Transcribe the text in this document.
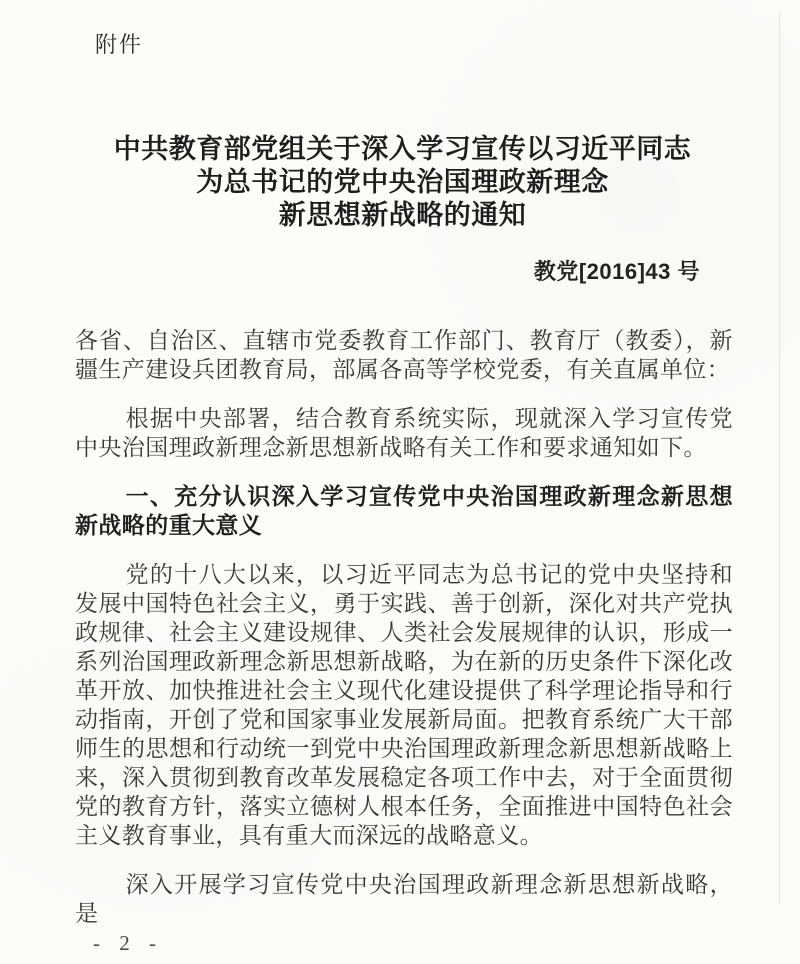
附件
中共教育部党组关于深入学习宣传以习近平同志
为总书记的党中央治国理政新理念
新思想新战略的通知
教党[2016]43 号

各省、自治区、直辖市党委教育工作部门、教育厅（教委），新疆生产建设兵团教育局，部属各高等学校党委，有关直属单位：

根据中央部署，结合教育系统实际，现就深入学习宣传党中央治国理政新理念新思想新战略有关工作和要求通知如下。

一、充分认识深入学习宣传党中央治国理政新理念新思想新战略的重大意义

党的十八大以来，以习近平同志为总书记的党中央坚持和发展中国特色社会主义，勇于实践、善于创新，深化对共产党执政规律、社会主义建设规律、人类社会发展规律的认识，形成一系列治国理政新理念新思想新战略，为在新的历史条件下深化改革开放、加快推进社会主义现代化建设提供了科学理论指导和行动指南，开创了党和国家事业发展新局面。把教育系统广大干部师生的思想和行动统一到党中央治国理政新理念新思想新战略上来，深入贯彻到教育改革发展稳定各项工作中去，对于全面贯彻党的教育方针，落实立德树人根本任务，全面推进中国特色社会主义教育事业，具有重大而深远的战略意义。

深入开展学习宣传党中央治国理政新理念新思想新战略，是

- 2 -
